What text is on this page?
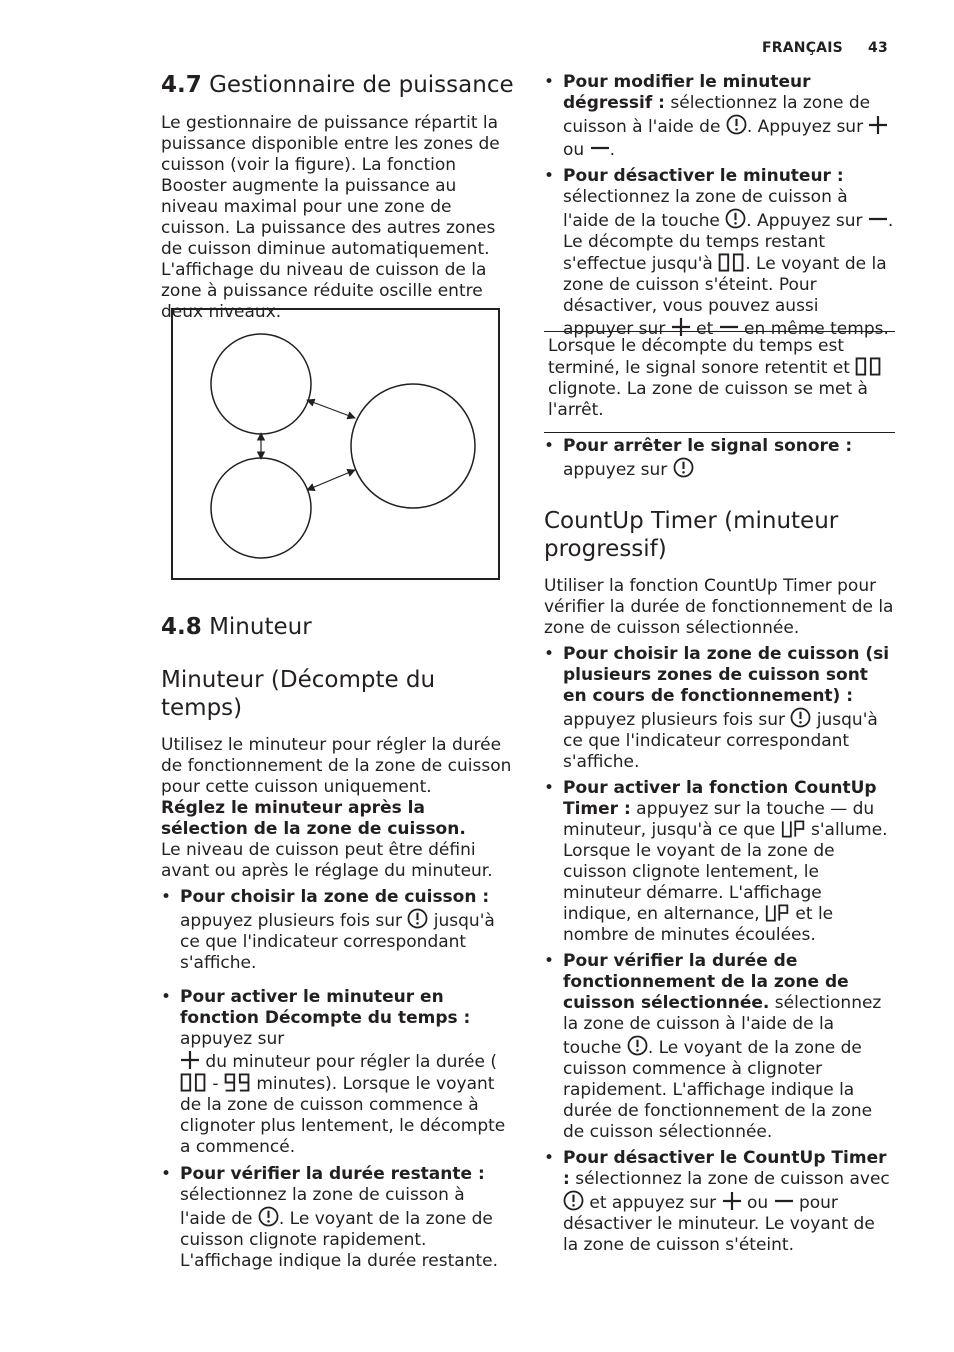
FRANÇAIS 43
4.7 Gestionnaire de puissance

Le gestionnaire de puissance répartit la puissance disponible entre les zones de cuisson (voir la figure). La fonction Booster augmente la puissance au niveau maximal pour une zone de cuisson. La puissance des autres zones de cuisson diminue automatiquement. L'affichage du niveau de cuisson de la zone à puissance réduite oscille entre deux niveaux.

4.8 Minuteur
Minuteur (Décompte du temps)

Utilisez le minuteur pour régler la durée de fonctionnement de la zone de cuisson pour cette cuisson uniquement.

Réglez le minuteur après la sélection de la zone de cuisson.

Le niveau de cuisson peut être défini avant ou après le réglage du minuteur.

• Pour choisir la zone de cuisson : appuyez plusieurs fois sur  jusqu'à ce que l'indicateur correspondant s'affiche.

• Pour activer le minuteur en fonction Décompte du temps : appuyez sur
du minuteur pour régler la durée (
-  minutes). Lorsque le voyant de la zone de cuisson commence à clignoter plus lentement, le décompte a commencé.

• Pour vérifier la durée restante : sélectionnez la zone de cuisson à l'aide de . Le voyant de la zone de cuisson clignote rapidement. L'affichage indique la durée restante.

• Pour modifier le minuteur dégressif : sélectionnez la zone de cuisson à l'aide de . Appuyez sur  ou .

• Pour désactiver le minuteur : sélectionnez la zone de cuisson à l'aide de la touche . Appuyez sur . Le décompte du temps restant s'effectue jusqu'à . Le voyant de la zone de cuisson s'éteint. Pour désactiver, vous pouvez aussi appuyer sur  et  en même temps.

Lorsque le décompte du temps est terminé, le signal sonore retentit et  clignote. La zone de cuisson se met à l'arrêt.

• Pour arrêter le signal sonore : appuyez sur

CountUp Timer (minuteur progressif)

Utiliser la fonction CountUp Timer pour vérifier la durée de fonctionnement de la zone de cuisson sélectionnée.

• Pour choisir la zone de cuisson (si plusieurs zones de cuisson sont en cours de fonctionnement) : appuyez plusieurs fois sur  jusqu'à ce que l'indicateur correspondant s'affiche.

• Pour activer la fonction CountUp Timer : appuyez sur la touche — du minuteur, jusqu'à ce que  s'allume. Lorsque le voyant de la zone de cuisson clignote lentement, le minuteur démarre. L'affichage indique, en alternance,  et le nombre de minutes écoulées.

• Pour vérifier la durée de fonctionnement de la zone de cuisson sélectionnée. sélectionnez la zone de cuisson à l'aide de la touche . Le voyant de la zone de cuisson commence à clignoter rapidement. L'affichage indique la durée de fonctionnement de la zone de cuisson sélectionnée.

• Pour désactiver le CountUp Timer : sélectionnez la zone de cuisson avec  et appuyez sur  ou  pour désactiver le minuteur. Le voyant de la zone de cuisson s'éteint.
